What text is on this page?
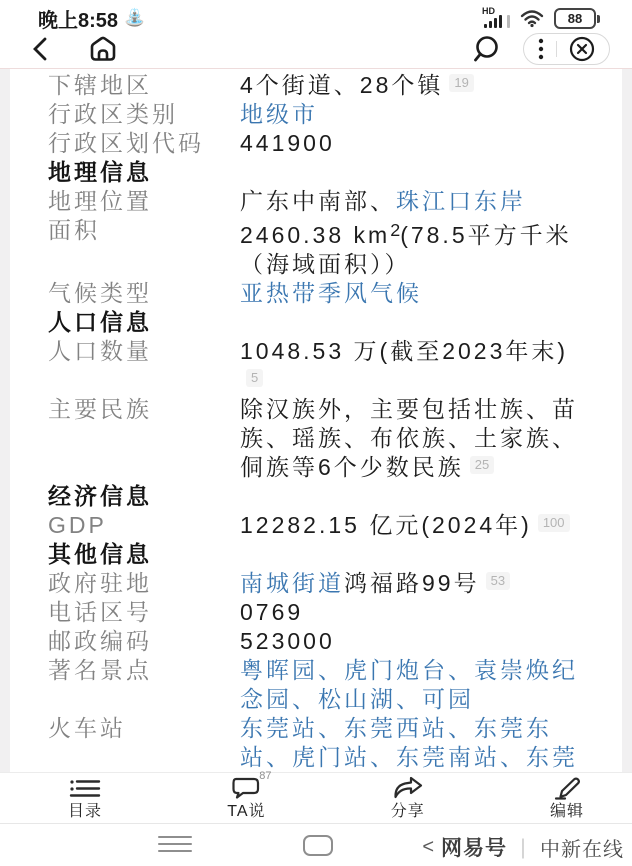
晚上8:58 ⛲	HD	88
下辖地区	4个街道、28个镇 $^{19}$
行政区类别	地级市
行政区划代码	441900
地理信息
地理位置	广东中南部、珠江口东岸
面积	2460.38 $km^2(78.5$平方千米
（海域面积））
气候类型	亚热带季风气候
人口信息
人口数量	1048.53 万(截至2023年末)
$^5$
主要民族	除汉族外，主要包括壮族、苗族、瑶族、布依族、土家族、侗族等6个少数民族 $^{25}$
经济信息
GDP	12282.15 亿元(2024年) $^{100}$
其他信息
政府驻地	南城街道鸿福路99号 $^{53}$
电话区号	0769
邮政编码	523000
著名景点	粤晖园、虎门炮台、袁崇焕纪念园、松山湖、可园
火车站	东莞站、东莞西站、东莞东站、虎门站、东莞南站、东莞
目录
87
TA说	分享	编辑
< 网易号 ｜ 中新在线
